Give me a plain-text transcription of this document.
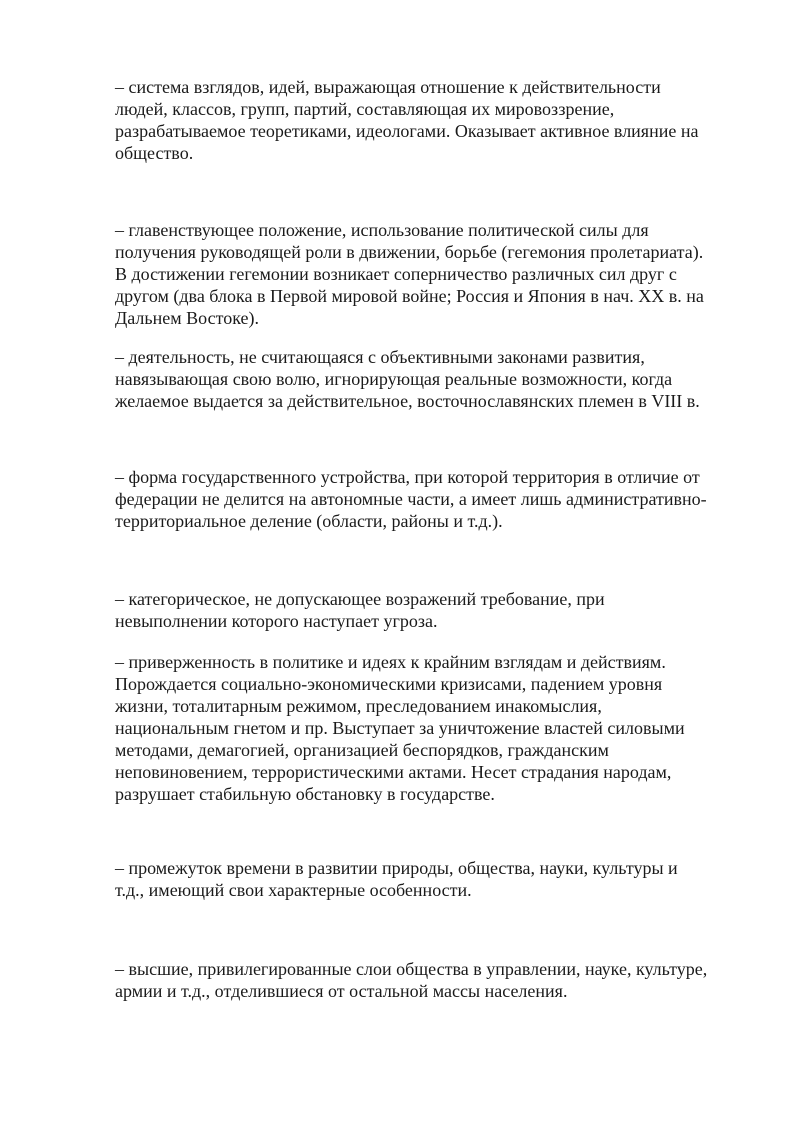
– система взглядов, идей, выражающая отношение к действительности
людей, классов, групп, партий, составляющая их мировоззрение,
разрабатываемое теоретиками, идеологами. Оказывает активное влияние на
общество.

– главенствующее положение, использование политической силы для
получения руководящей роли в движении, борьбе (гегемония пролетариата).
В достижении гегемонии возникает соперничество различных сил друг с
другом (два блока в Первой мировой войне; Россия и Япония в нач. XX в. на
Дальнем Востоке).

– деятельность, не считающаяся с объективными законами развития,
навязывающая свою волю, игнорирующая реальные возможности, когда
желаемое выдается за действительное, восточнославянских племен в VIII в.

– форма государственного устройства, при которой территория в отличие от
федерации не делится на автономные части, а имеет лишь административно-
территориальное деление (области, районы и т.д.).

– категорическое, не допускающее возражений требование, при
невыполнении которого наступает угроза.

– приверженность в политике и идеях к крайним взглядам и действиям.
Порождается социально-экономическими кризисами, падением уровня
жизни, тоталитарным режимом, преследованием инакомыслия,
национальным гнетом и пр. Выступает за уничтожение властей силовыми
методами, демагогией, организацией беспорядков, гражданским
неповиновением, террористическими актами. Несет страдания народам,
разрушает стабильную обстановку в государстве.

– промежуток времени в развитии природы, общества, науки, культуры и
т.д., имеющий свои характерные особенности.

– высшие, привилегированные слои общества в управлении, науке, культуре,
армии и т.д., отделившиеся от остальной массы населения.
